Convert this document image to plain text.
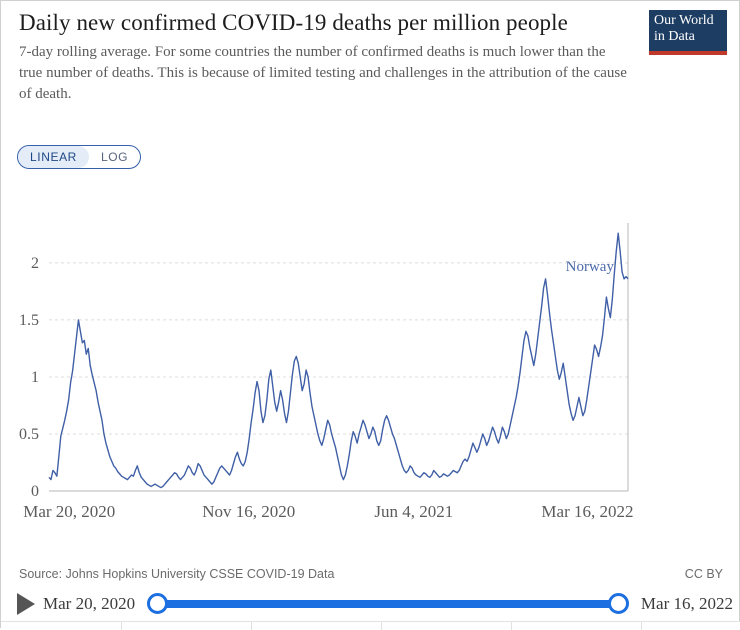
Daily new confirmed COVID-19 deaths per million people

7-day rolling average. For some countries the number of confirmed deaths is much lower than the true number of deaths. This is because of limited testing and challenges in the attribution of the cause of death.

Our World
in Data
LINEAR	LOG
0
0.5
1
1.5
2
Mar 20, 2020	Nov 16, 2020	Jun 4, 2021	Mar 16, 2022
Norway
Source: Johns Hopkins University CSSE COVID-19 Data	CC BY
Mar 20, 2020	Mar 16, 2022
